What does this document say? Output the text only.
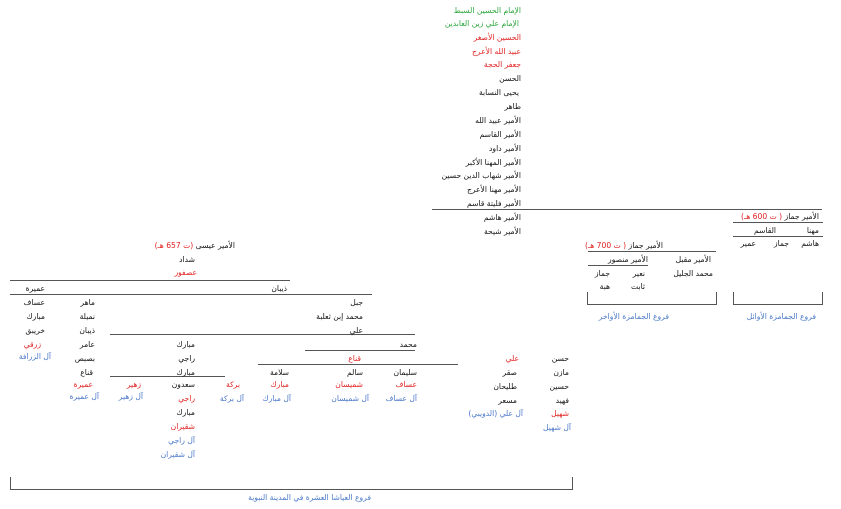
الإمام الحسين السبط
الإمام علي زين العابدين
الحسين الأصغر
عبيد الله الأعرج
جعفر الحجة
الحسن
يحيى النسابة
طاهر
الأمير عبيد الله
الأمير القاسم
الأمير داود
الأمير المهنا الأكبر
الأمير شهاب الدين حسين
الأمير مهنا الأعرج
الأمير فليتة قاسم
الأمير هاشم
الأمير شيحة
الأمير جماز ( ت 600 هـ)
مهنا
القاسم
هاشم
جماز
عمير
فروع الجمامزة الأوائل
الأمير جماز ( ت 700 هـ)
الأمير مقبل
الأمير منصور
محمد الجليل
نعير
جماز
ثابت
هبة
فروع الجمامزة الأواخر
الأمير عيسى (ت 657 هـ)
شداد
عصفور
ذيبان
عميرة
عساف
مبارك
خريبق
زرقي
آل الزرافة
ماهر
نميلة
ذيبان
عامر
بصبص
قناع
عميرة
آل عميرة
زهير
آل زهير
مبارك
راجي
مبارك
سعدون
راجي
مبارك
شقيران
آل راجي
آل شقيران
بركة
آل بركة
جبل
محمد إبن ثعلبة
علي
محمد
قناع
سلامة
مبارك
آل مبارك
سالم
شميسان
آل شميسان
سليمان
عساف
آل عساف
حسن
مازن
حسين
فهيد
شهيل
آل شهيل
علي
صقر
طليحان
مسعر
آل علي (الدويبي)
فروع العياشا العشرة في المدينة النبوية
